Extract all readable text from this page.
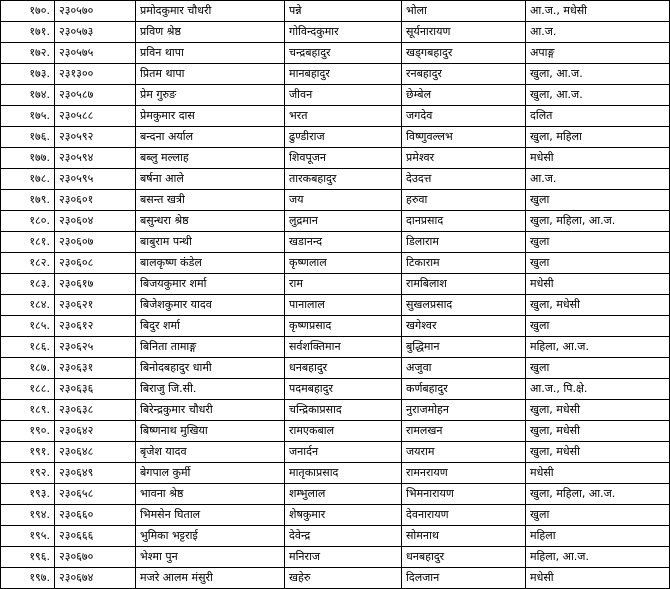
१७०.	२३०५७०	प्रमोदकुमार चौधरी	पन्ने	भोला	आ.ज., मधेसी
१७१.	२३०५७३	प्रविण श्रेष्ठ	गोविन्दकुमार	सूर्यनारायण	आ.ज.
१७२.	२३०५७५	प्रविन थापा	चन्द्रबहादुर	खड्गबहादुर	अपाङ्ग
१७३.	२३१३००	प्रितम थापा	मानबहादुर	रनबहादुर	खुला, आ.ज.
१७४.	२३०५८७	प्रेम गुरुङ	जीवन	छेम्बेल	खुला, आ.ज.
१७५.	२३०५८८	प्रेमकुमार दास	भरत	जगदेव	दलित
१७६.	२३०५९२	बन्दना अर्याल	ढुण्डीराज	विष्णुवल्लभ	खुला, महिला
१७७.	२३०५९४	बब्लु मल्लाह	शिवपूजन	प्रमेश्वर	मधेसी
१७८.	२३०५९५	बर्षना आले	तारकबहादुर	देउदत्त	आ.ज.
१७९.	२३०६०१	बसन्त खत्री	जय	हरुवा	खुला
१८०.	२३०६०४	बसुन्धरा श्रेष्ठ	लुद्रमान	दानप्रसाद	खुला, महिला, आ.ज.
१८१.	२३०६०७	बाबुराम पन्थी	खडानन्द	डिलाराम	खुला
१८२.	२३०६०८	बालकृष्ण कंडेल	कृष्णलाल	टिकाराम	खुला
१८३.	२३०६१७	बिजयकुमार शर्मा	राम	रामबिलाश	मधेसी
१८४.	२३०६२१	बिजेशकुमार यादव	पानालाल	सुखलप्रसाद	खुला, मधेसी
१८५.	२३०६१२	बिदुर शर्मा	कृष्णप्रसाद	खगेश्वर	खुला
१८६.	२३०६२५	बिनिता तामाङ्ग	सर्वशक्तिमान	बुद्धिमान	महिला, आ.ज.
१८७.	२३०६३१	बिनोदबहादुर धामी	धनबहादुर	अजुवा	खुला
१८८.	२३०६३६	बिराजु जि.सी.	पदमबहादुर	कर्णबहादुर	आ.ज., पि.क्षे.
१८९.	२३०६३८	बिरेन्द्रकुमार चौधरी	चन्द्रिकाप्रसाद	नुराजमोहन	खुला, मधेसी
१९०.	२३०६४२	बिष्णनाथ मुखिया	रामएकबाल	रामलखन	खुला, मधेसी
१९१.	२३०६४८	बृजेश यादव	जनार्दन	जयराम	खुला, मधेसी
१९२.	२३०६४९	बेगपाल कुर्मी	मातृकाप्रसाद	रामनरायण	मधेसी
१९३.	२३०६५८	भावना श्रेष्ठ	शम्भुलाल	भिमनारायण	खुला, महिला, आ.ज.
१९४.	२३०६६०	भिमसेन घिताल	शेषकुमार	देवनारायण	खुला
१९५.	२३०६६६	भुमिका भट्टराई	देवेन्द्र	सोमनाथ	महिला
१९६.	२३०६७०	भेश्मा पुन	मनिराज	धनबहादुर	महिला, आ.ज.
१९७.	२३०६७४	मजरे आलम मंसुरी	खहेरु	दिलजान	मधेसी
